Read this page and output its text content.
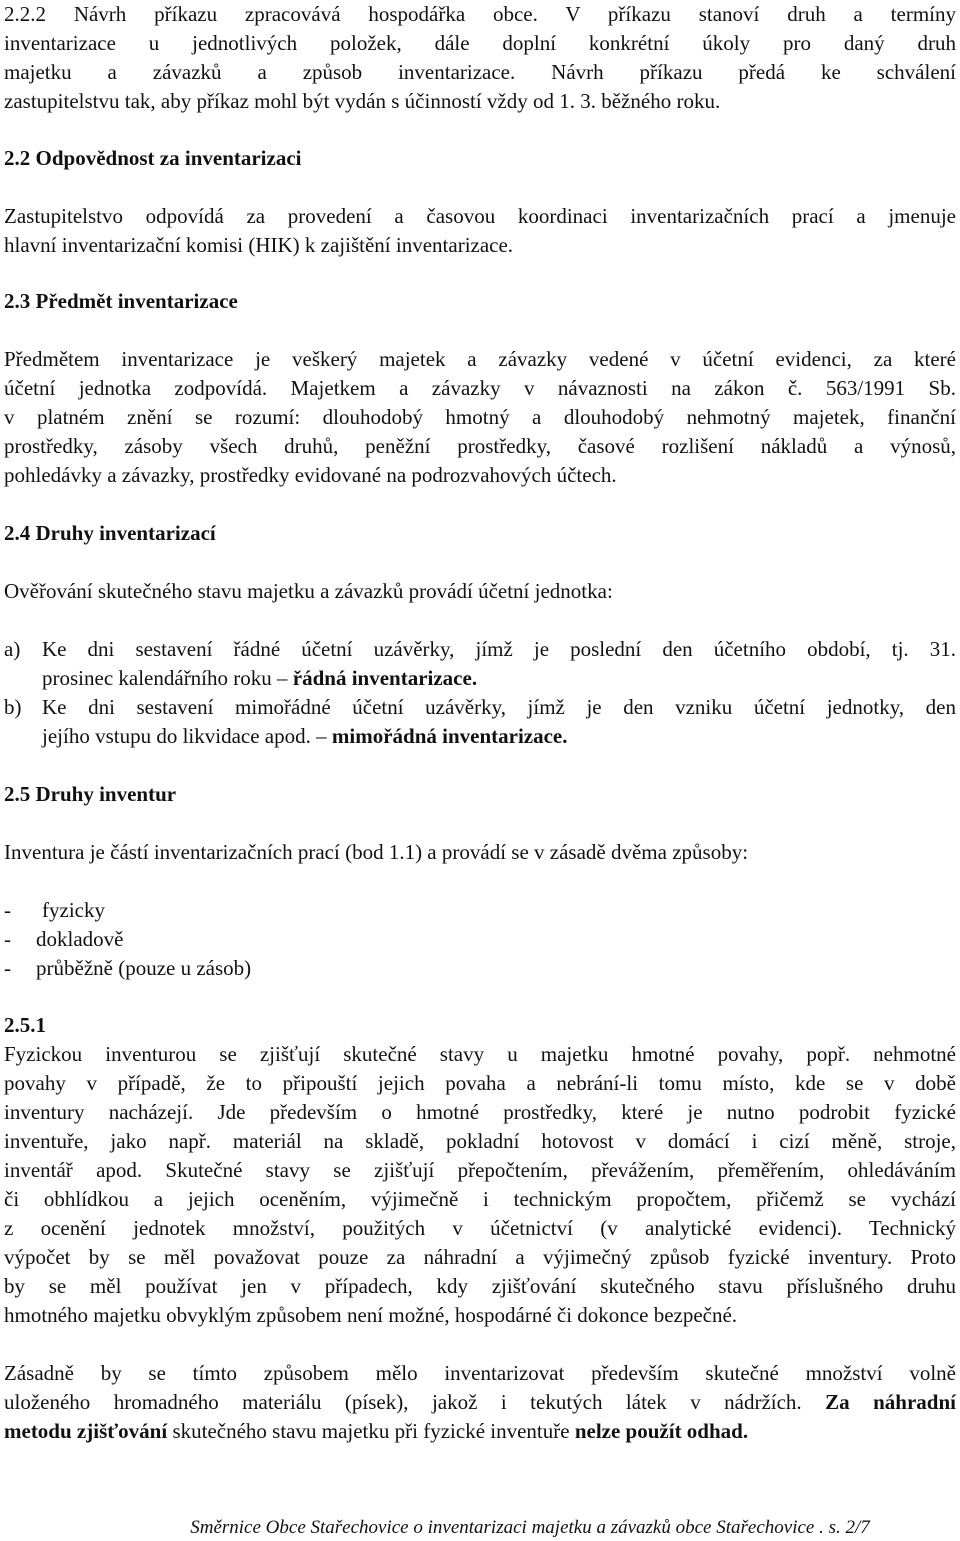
2.2.2 Návrh příkazu zpracovává hospodářka obce. V příkazu stanoví druh a termíny

inventarizace u jednotlivých položek, dále doplní konkrétní úkoly pro daný druh

majetku a závazků a způsob inventarizace. Návrh příkazu předá ke schválení

zastupitelstvu tak, aby příkaz mohl být vydán s účinností vždy od 1. 3. běžného roku.

2.2 Odpovědnost za inventarizaci

Zastupitelstvo odpovídá za provedení a časovou koordinaci inventarizačních prací a jmenuje

hlavní inventarizační komisi (HIK) k zajištění inventarizace.

2.3 Předmět inventarizace

Předmětem inventarizace je veškerý majetek a závazky vedené v účetní evidenci, za které

účetní jednotka zodpovídá. Majetkem a závazky v návaznosti na zákon č. 563/1991 Sb.

v platném znění se rozumí: dlouhodobý hmotný a dlouhodobý nehmotný majetek, finanční

prostředky, zásoby všech druhů, peněžní prostředky, časové rozlišení nákladů a výnosů,

pohledávky a závazky, prostředky evidované na podrozvahových účtech.

2.4 Druhy inventarizací

Ověřování skutečného stavu majetku a závazků provádí účetní jednotka:

a)	Ke dni sestavení řádné účetní uzávěrky, jímž je poslední den účetního období, tj. 31.
prosinec kalendářního roku – řádná inventarizace.
b) Ke dni sestavení mimořádné účetní uzávěrky, jímž je den vzniku účetní jednotky, den
jejího vstupu do likvidace apod. – mimořádná inventarizace.
2.5 Druhy inventur

Inventura je částí inventarizačních prací (bod 1.1) a provádí se v zásadě dvěma způsoby:

-	fyzicky
-	dokladově
-	průběžně (pouze u zásob)
2.5.1

Fyzickou inventurou se zjišťují skutečné stavy u majetku hmotné povahy, popř. nehmotné

povahy v případě, že to připouští jejich povaha a nebrání-li tomu místo, kde se v době

inventury nacházejí. Jde především o hmotné prostředky, které je nutno podrobit fyzické

inventuře, jako např. materiál na skladě, pokladní hotovost v domácí i cizí měně, stroje,

inventář apod. Skutečné stavy se zjišťují přepočtením, převážením, přeměřením, ohledáváním

či obhlídkou a jejich oceněním, výjimečně i technickým propočtem, přičemž se vychází

z ocenění jednotek množství, použitých v účetnictví (v analytické evidenci). Technický

výpočet by se měl považovat pouze za náhradní a výjimečný způsob fyzické inventury. Proto

by se měl používat jen v případech, kdy zjišťování skutečného stavu příslušného druhu

hmotného majetku obvyklým způsobem není možné, hospodárné či dokonce bezpečné.

Zásadně by se tímto způsobem mělo inventarizovat především skutečné množství volně

uloženého hromadného materiálu (písek), jakož i tekutých látek v nádržích. Za náhradní

metodu zjišťování skutečného stavu majetku při fyzické inventuře nelze použít odhad.

Směrnice Obce Stařechovice o inventarizaci majetku a závazků obce Stařechovice . s. 2/7
